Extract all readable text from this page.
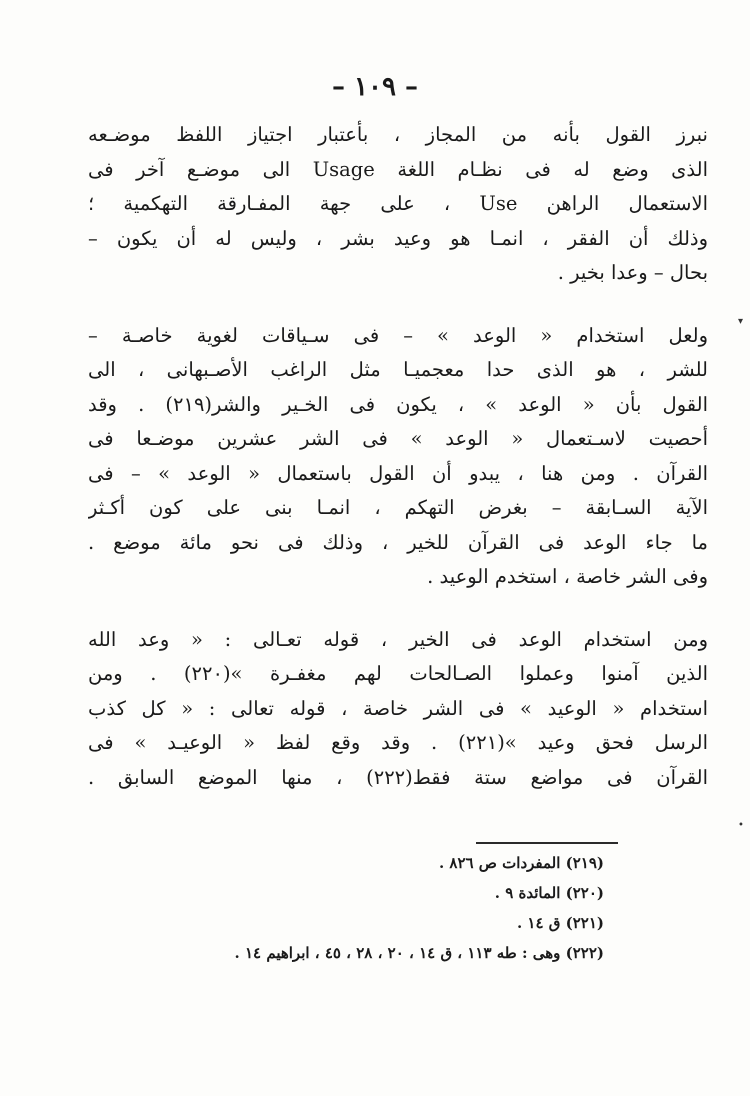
– ١٠٩ –

نبرز القول بأنه من المجاز ، بأعتبار اجتياز اللفظ موضـعه
الذى وضع له فى نظـام اللغة Usage الى موضـع آخر فى
الاستعمال الراهن Use ، على جهة المفـارقة التهكمية ؛
وذلك أن الفقر ، انمـا هو وعيد بشر ، وليس له أن يكون –
بحال – وعدا بخير .

ولعل استخدام « الوعد » – فى سـياقات لغوية خاصـة –
للشر ، هو الذى حدا معجميـا مثل الراغب الأصـبهانى ، الى
القول بأن « الوعد » ، يكون فى الخـير والشر(٢١٩) . وقد
أحصيت لاسـتعمال « الوعد » فى الشر عشرين موضـعا فى
القرآن . ومن هنا ، يبدو أن القول باستعمال « الوعد » – فى
الآية السـابقة – بغرض التهكم ، انمـا بنى على كون أكـثر
ما جاء الوعد فى القرآن للخير ، وذلك فى نحو مائة موضع .
وفى الشر خاصة ، استخدم الوعيد .

ومن استخدام الوعد فى الخير ، قوله تعـالى : « وعد الله
الذين آمنوا وعملوا الصـالحات لهم مغفـرة »(٢٢٠) . ومن
استخدام « الوعيد » فى الشر خاصة ، قوله تعالى : « كل كذب
الرسل فحق وعيد »(٢٢١) . وقد وقع لفظ « الوعيـد » فى
القرآن فى مواضع ستة فقط(٢٢٢) ، منها الموضع السابق .

(٢١٩) المفردات ص ٨٢٦ .
(٢٢٠) المائدة ٩ .
(٢٢١) ق ١٤ .
(٢٢٢) وهى : طه ١١٣ ، ق ١٤ ، ٢٠ ، ٢٨ ، ٤٥ ، ابراهيم ١٤ .
▾
•
